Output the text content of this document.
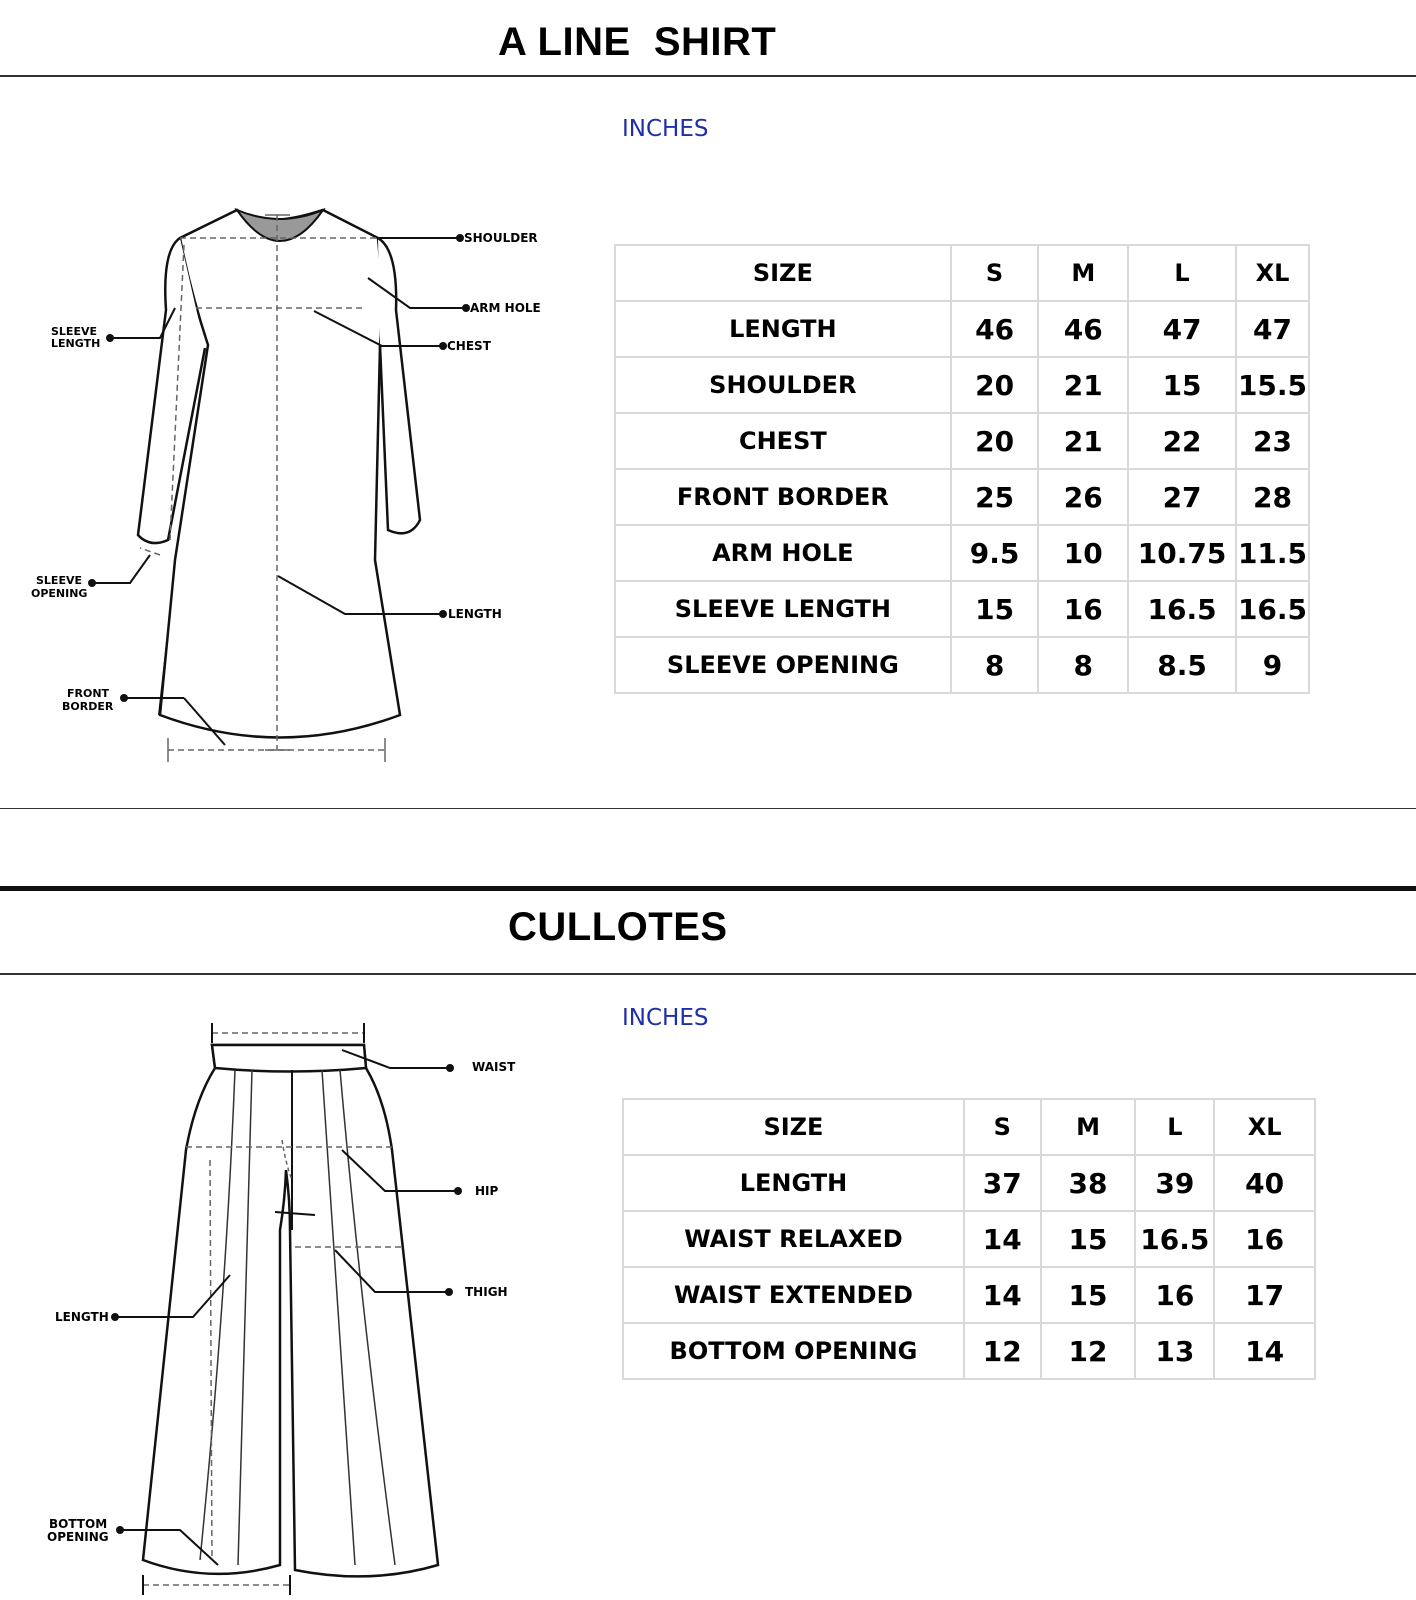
A LINE  SHIRT
INCHES
SHOULDER
ARM HOLE
CHEST
SLEEVE
LENGTH
SLEEVE
OPENING
LENGTH
FRONT
BORDER
SIZE	S	M	L	XL
LENGTH	46	46	47	47
SHOULDER	20	21	15	15.5
CHEST	20	21	22	23
FRONT BORDER	25	26	27	28
ARM HOLE	9.5	10	10.75	11.5
SLEEVE LENGTH	15	16	16.5	16.5
SLEEVE OPENING	8	8	8.5	9
CULLOTES
INCHES
WAIST
HIP
THIGH
LENGTH
BOTTOM
OPENING
SIZE	S	M	L	XL
LENGTH	37	38	39	40
WAIST RELAXED	14	15	16.5	16
WAIST EXTENDED	14	15	16	17
BOTTOM OPENING	12	12	13	14
